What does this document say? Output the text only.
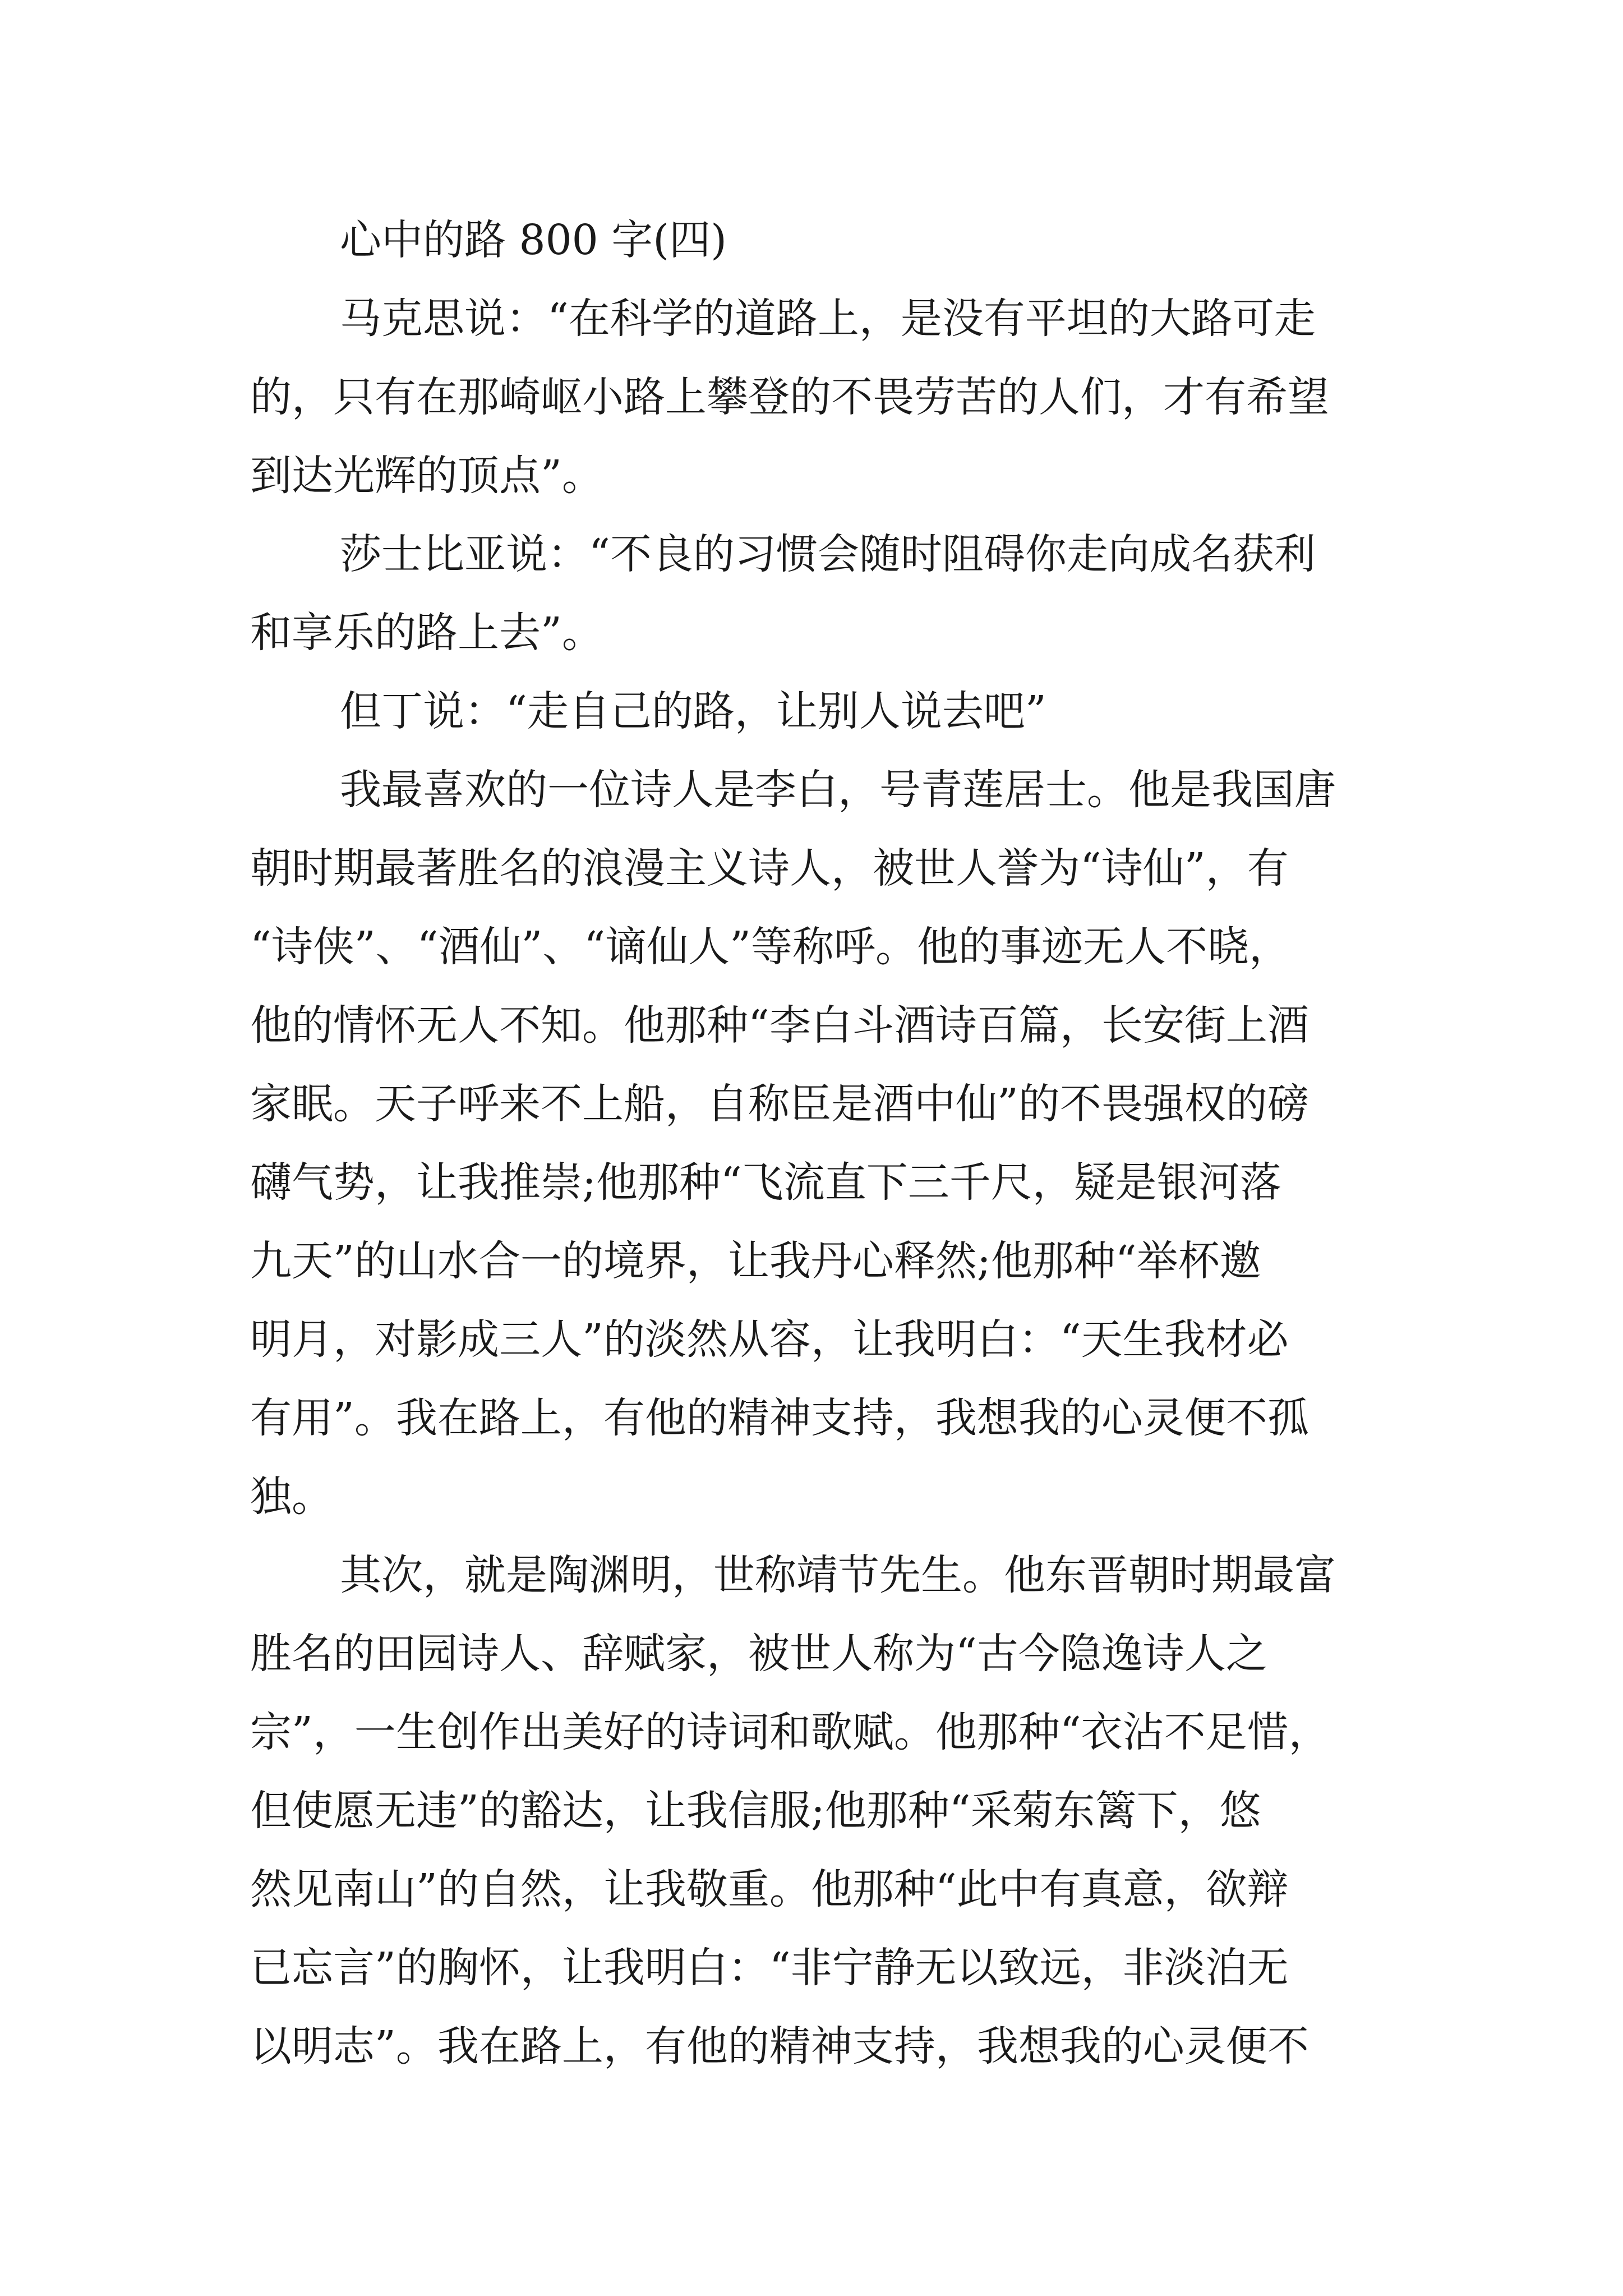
心中的路 800 字(四)
马克思说：“在科学的道路上，是没有平坦的大路可走
的，只有在那崎岖小路上攀登的不畏劳苦的人们，才有希望
到达光辉的顶点”。
莎士比亚说：“不良的习惯会随时阻碍你走向成名获利
和享乐的路上去”。
但丁说：“走自己的路，让别人说去吧”
我最喜欢的一位诗人是李白，号青莲居士。他是我国唐
朝时期最著胜名的浪漫主义诗人，被世人誉为“诗仙”，有
“诗侠”、“酒仙”、“谪仙人”等称呼。他的事迹无人不晓，
他的情怀无人不知。他那种“李白斗酒诗百篇，长安街上酒
家眠。天子呼来不上船，自称臣是酒中仙”的不畏强权的磅
礴气势，让我推崇;他那种“飞流直下三千尺，疑是银河落
九天”的山水合一的境界，让我丹心释然;他那种“举杯邀
明月，对影成三人”的淡然从容，让我明白：“天生我材必
有用”。我在路上，有他的精神支持，我想我的心灵便不孤
独。
其次，就是陶渊明，世称靖节先生。他东晋朝时期最富
胜名的田园诗人、辞赋家，被世人称为“古今隐逸诗人之
宗”，一生创作出美好的诗词和歌赋。他那种“衣沾不足惜，
但使愿无违”的豁达，让我信服;他那种“采菊东篱下，悠
然见南山”的自然，让我敬重。他那种“此中有真意，欲辩
已忘言”的胸怀，让我明白：“非宁静无以致远，非淡泊无
以明志”。我在路上，有他的精神支持，我想我的心灵便不
